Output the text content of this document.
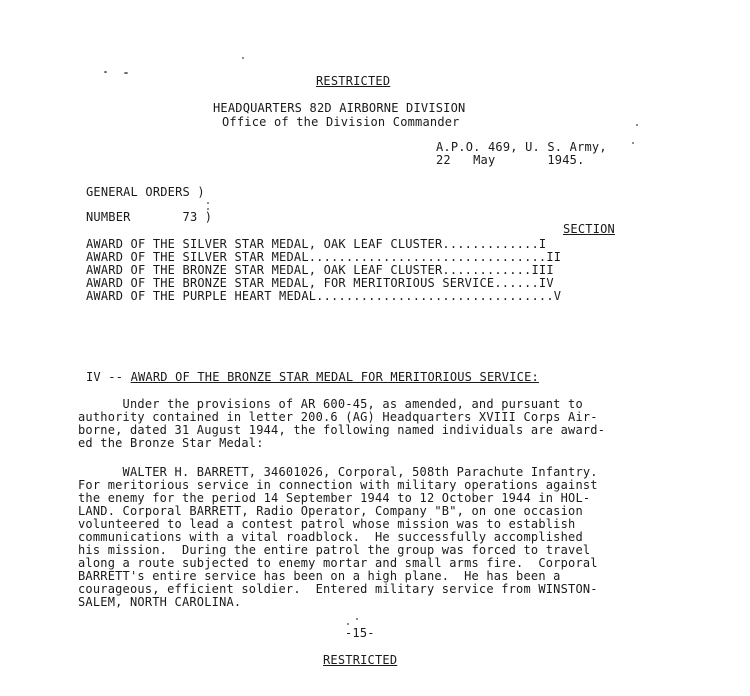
RESTRICTED
HEADQUARTERS 82D AIRBORNE DIVISION
Office of the Division Commander
A.P.O. 469, U. S. Army,
22   May       1945.
GENERAL ORDERS )
NUMBER       73 )
SECTION
AWARD OF THE SILVER STAR MEDAL, OAK LEAF CLUSTER.............I
AWARD OF THE SILVER STAR MEDAL................................II
AWARD OF THE BRONZE STAR MEDAL, OAK LEAF CLUSTER............III
AWARD OF THE BRONZE STAR MEDAL, FOR MERITORIOUS SERVICE......IV
AWARD OF THE PURPLE HEART MEDAL................................V
IV -- AWARD OF THE BRONZE STAR MEDAL FOR MERITORIOUS SERVICE:
Under the provisions of AR 600-45, as amended, and pursuant to
authority contained in letter 200.6 (AG) Headquarters XVIII Corps Air-
borne, dated 31 August 1944, the following named individuals are award-
ed the Bronze Star Medal:
WALTER H. BARRETT, 34601026, Corporal, 508th Parachute Infantry.
For meritorious service in connection with military operations against
the enemy for the period 14 September 1944 to 12 October 1944 in HOL-
LAND. Corporal BARRETT, Radio Operator, Company "B", on one occasion
volunteered to lead a contest patrol whose mission was to establish
communications with a vital roadblock.  He successfully accomplished
his mission.  During the entire patrol the group was forced to travel
along a route subjected to enemy mortar and small arms fire.  Corporal
BARRETT's entire service has been on a high plane.  He has been a
courageous, efficient soldier.  Entered military service from WINSTON-
SALEM, NORTH CAROLINA.
-15-
RESTRICTED
